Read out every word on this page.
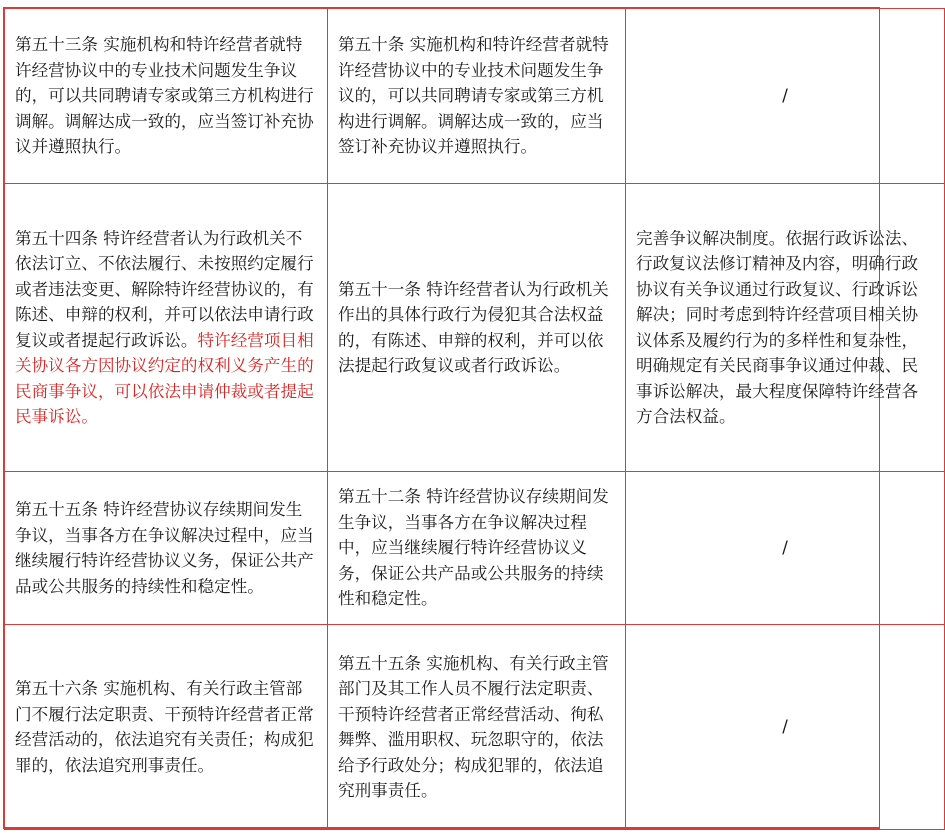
第五十三条 实施机构和特许经营者就特许经营协议中的专业技术问题发生争议的，可以共同聘请专家或第三方机构进行调解。调解达成一致的，应当签订补充协议并遵照执行。	第五十条 实施机构和特许经营者就特许经营协议中的专业技术问题发生争议的，可以共同聘请专家或第三方机构进行调解。调解达成一致的，应当签订补充协议并遵照执行。	/
第五十四条 特许经营者认为行政机关不依法订立、不依法履行、未按照约定履行或者违法变更、解除特许经营协议的，有陈述、申辩的权利，并可以依法申请行政复议或者提起行政诉讼。特许经营项目相关协议各方因协议约定的权利义务产生的民商事争议，可以依法申请仲裁或者提起民事诉讼。	第五十一条 特许经营者认为行政机关作出的具体行政行为侵犯其合法权益的，有陈述、申辩的权利，并可以依法提起行政复议或者行政诉讼。	完善争议解决制度。依据行政诉讼法、行政复议法修订精神及内容，明确行政协议有关争议通过行政复议、行政诉讼解决；同时考虑到特许经营项目相关协议体系及履约行为的多样性和复杂性，明确规定有关民商事争议通过仲裁、民事诉讼解决，最大程度保障特许经营各方合法权益。
第五十五条 特许经营协议存续期间发生争议，当事各方在争议解决过程中，应当继续履行特许经营协议义务，保证公共产品或公共服务的持续性和稳定性。	第五十二条 特许经营协议存续期间发生争议，当事各方在争议解决过程中，应当继续履行特许经营协议义务，保证公共产品或公共服务的持续性和稳定性。	/
第五十六条 实施机构、有关行政主管部门不履行法定职责、干预特许经营者正常经营活动的，依法追究有关责任；构成犯罪的，依法追究刑事责任。	第五十五条 实施机构、有关行政主管部门及其工作人员不履行法定职责、干预特许经营者正常经营活动、徇私舞弊、滥用职权、玩忽职守的，依法给予行政处分；构成犯罪的，依法追究刑事责任。	/
